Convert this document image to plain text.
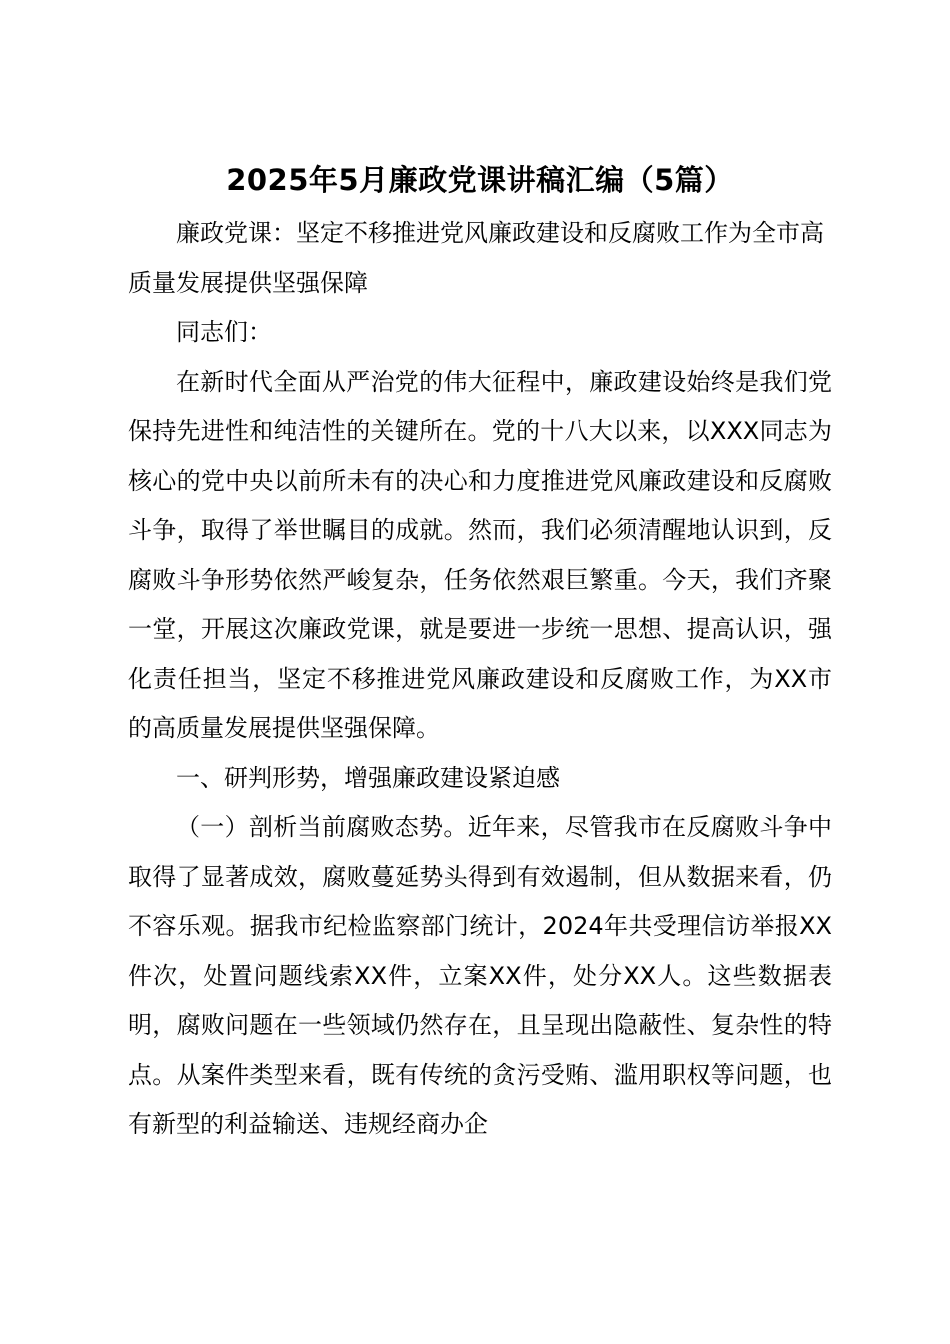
2025年5月廉政党课讲稿汇编（5篇）

廉政党课：坚定不移推进党风廉政建设和反腐败工作为全市高质量发展提供坚强保障

同志们：

在新时代全面从严治党的伟大征程中，廉政建设始终是我们党保持先进性和纯洁性的关键所在。党的十八大以来，以XXX同志为核心的党中央以前所未有的决心和力度推进党风廉政建设和反腐败斗争，取得了举世瞩目的成就。然而，我们必须清醒地认识到，反腐败斗争形势依然严峻复杂，任务依然艰巨繁重。今天，我们齐聚一堂，开展这次廉政党课，就是要进一步统一思想、提高认识，强化责任担当，坚定不移推进党风廉政建设和反腐败工作，为XX市的高质量发展提供坚强保障。

一、研判形势，增强廉政建设紧迫感

（一）剖析当前腐败态势。近年来，尽管我市在反腐败斗争中取得了显著成效，腐败蔓延势头得到有效遏制，但从数据来看，仍不容乐观。据我市纪检监察部门统计，2024年共受理信访举报XX件次，处置问题线索XX件，立案XX件，处分XX人。这些数据表明，腐败问题在一些领域仍然存在，且呈现出隐蔽性、复杂性的特点。从案件类型来看，既有传统的贪污受贿、滥用职权等问题，也有新型的利益输送、违规经商办企
